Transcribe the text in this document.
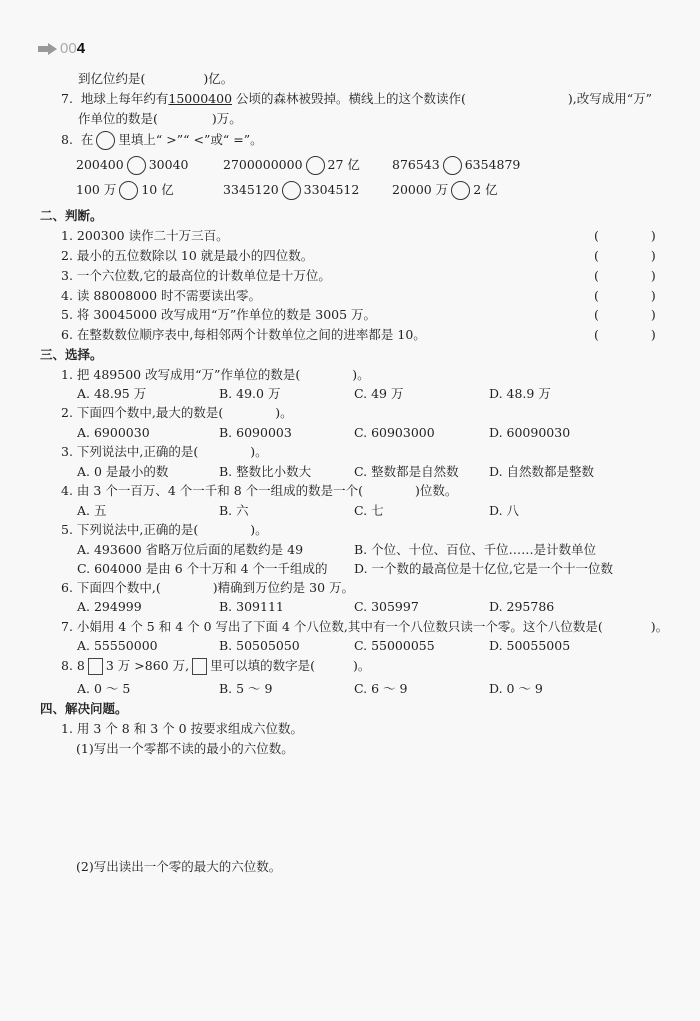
00 4
到亿位约是(	)亿。
7. 地球上每年约有15000400 公顷的森林被毁掉。横线上的这个数读作(	),改写成用“万”
作单位的数是(	)万。
8. 在 里填上“ >”“ <”或“ =”。
200400 30040	2700000000 27 亿	876543 6354879
100 万 10 亿	3345120 3304512	20000 万 2 亿
二、判断。
1. 200300 读作二十万三百。	(	)
2. 最小的五位数除以 10 就是最小的四位数。	(	)
3. 一个六位数,它的最高位的计数单位是十万位。	(	)
4. 读 88008000 时不需要读出零。	(	)
5. 将 30045000 改写成用“万”作单位的数是 3005 万。	(	)
6. 在整数数位顺序表中,每相邻两个计数单位之间的进率都是 10。	(	)
三、选择。
1. 把 489500 改写成用“万”作单位的数是(	)。
A. 48.95 万	B. 49.0 万	C. 49 万	D. 48.9 万
2. 下面四个数中,最大的数是(	)。
A. 6900030	B. 6090003	C. 60903000	D. 60090030
3. 下列说法中,正确的是(	)。
A. 0 是最小的数	B. 整数比小数大	C. 整数都是自然数 D. 自然数都是整数
4. 由 3 个一百万、4 个一千和 8 个一组成的数是一个(	)位数。
A. 五	B. 六	C. 七	D. 八
5. 下列说法中,正确的是(	)。
A. 493600 省略万位后面的尾数约是 49	B. 个位、十位、百位、千位……是计数单位
C. 604000 是由 6 个十万和 4 个一千组成的 D. 一个数的最高位是十亿位,它是一个十一位数
6. 下面四个数中,(	)精确到万位约是 30 万。
A. 294999	B. 309111	C. 305997	D. 295786
7. 小娟用 4 个 5 和 4 个 0 写出了下面 4 个八位数,其中有一个八位数只读一个零。这个八位数是(	)。
A. 55550000	B. 50505050	C. 55000055	D. 50055005
8. 8 3 万 >860 万, 里可以填的数字是(	)。
A. 0 ～ 5	B. 5 ～ 9	C. 6 ～ 9	D. 0 ～ 9
四、解决问题。
1. 用 3 个 8 和 3 个 0 按要求组成六位数。
(1)写出一个零都不读的最小的六位数。
(2)写出读出一个零的最大的六位数。
